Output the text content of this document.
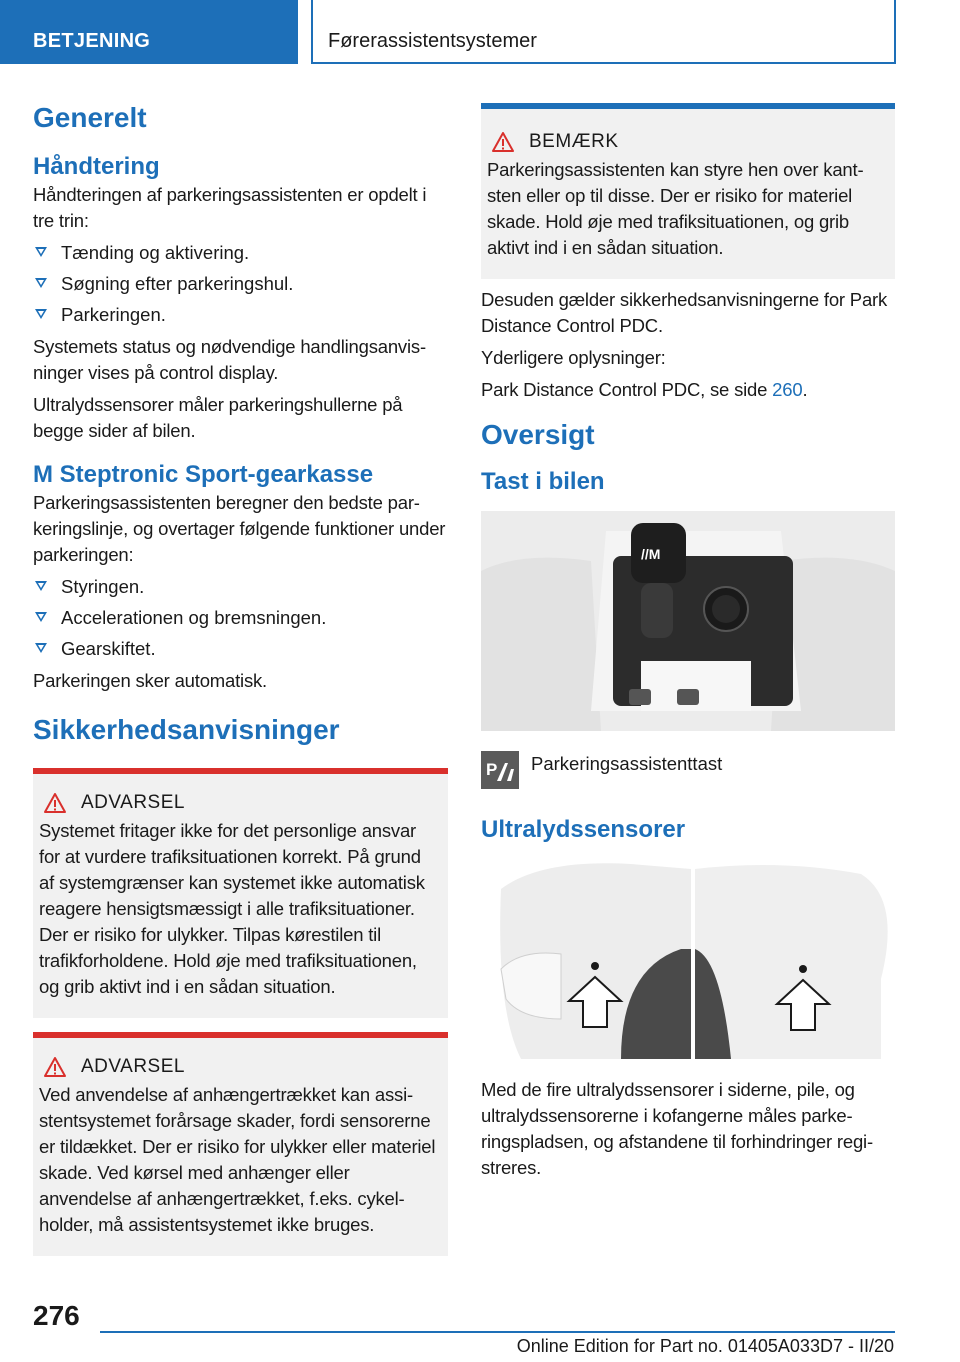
BETJENING	Førerassistentsystemer
Generelt
Håndtering

Håndteringen af parkeringsassistenten er opdelt i tre trin:

Tænding og aktivering.
Søgning efter parkeringshul.
Parkeringen.

Systemets status og nødvendige handlingsanvisninger vises på control display.

Ultralydssensorer måler parkeringshullerne på begge sider af bilen.

M Steptronic Sport-gearkasse

Parkeringsassistenten beregner den bedste parkeringslinje, og overtager følgende funktioner under parkeringen:

Styringen.
Accelerationen og bremsningen.
Gearskiftet.

Parkeringen sker automatisk.

Sikkerhedsanvisninger
ADVARSEL

Systemet fritager ikke for det personlige ansvar for at vurdere trafiksituationen korrekt. På grund af systemgrænser kan systemet ikke automatisk reagere hensigtsmæssigt i alle trafiksituationer. Der er risiko for ulykker. Tilpas kørestilen til trafikforholdene. Hold øje med trafiksituationen, og grib aktivt ind i en sådan situation.

ADVARSEL

Ved anvendelse af anhængertrækket kan assistentsystemet forårsage skader, fordi sensorerne er tildækket. Der er risiko for ulykker eller materiel skade. Ved kørsel med anhænger eller anvendelse af anhængertrækket, f.eks. cykelholder, må assistentsystemet ikke bruges.

BEMÆRK

Parkeringsassistenten kan styre hen over kantsten eller op til disse. Der er risiko for materiel skade. Hold øje med trafiksituationen, og grib aktivt ind i en sådan situation.

Desuden gælder sikkerhedsanvisningerne for Park Distance Control PDC.

Yderligere oplysninger:

Park Distance Control PDC, se side 260.

Oversigt
Tast i bilen
//M
P Parkeringsassistenttast
Ultralydssensorer

Med de fire ultralydssensorer i siderne, pile, og ultralydssensorerne i kofangerne måles parkeringspladsen, og afstandene til forhindringer registreres.

276
Online Edition for Part no. 01405A033D7 - II/20
